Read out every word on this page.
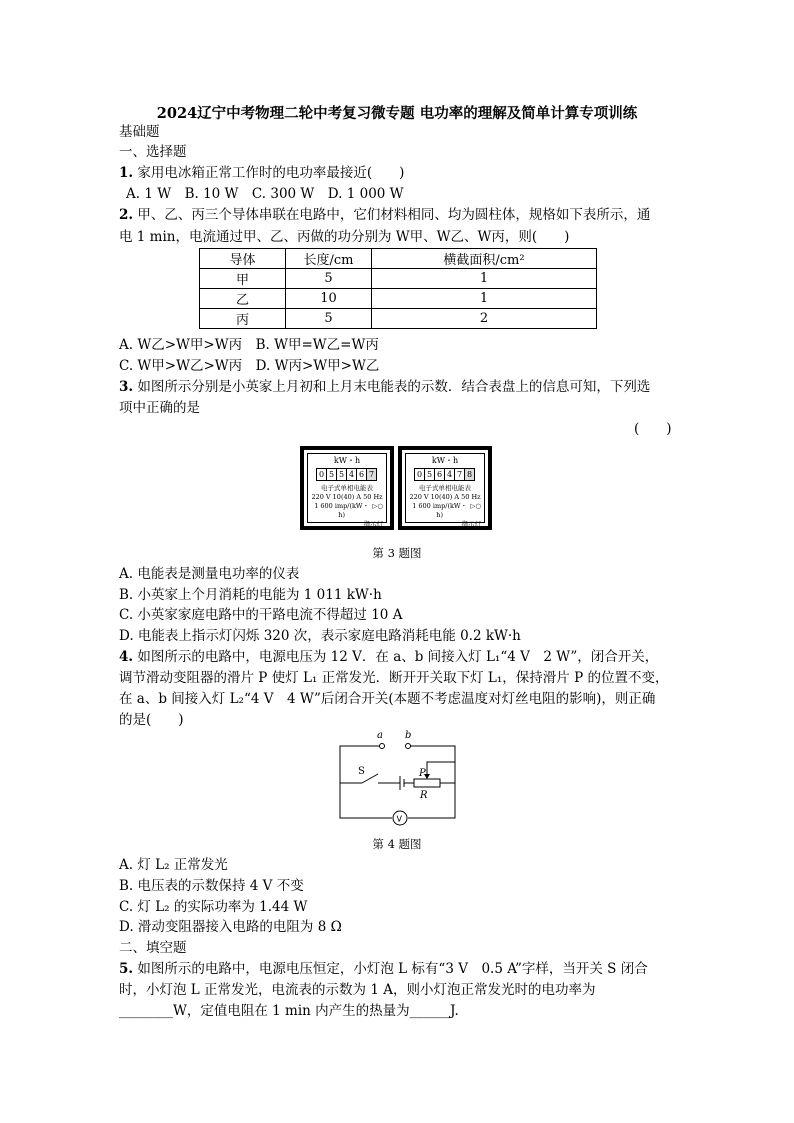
2024辽宁中考物理二轮中考复习微专题 电功率的理解及简单计算专项训练
基础题
一、选择题
1. 家用电冰箱正常工作时的电功率最接近(　　)
A. 1 W　B. 10 W　C. 300 W　D. 1 000 W
2. 甲、乙、丙三个导体串联在电路中，它们材料相同、均为圆柱体，规格如下表所示，通
电 1 min，电流通过甲、乙、丙做的功分别为 W甲、W乙、W丙，则(　　)
导体	长度/cm	横截面积/cm²
甲	5	1
乙	10	1
丙	5	2
A. W乙>W甲>W丙　B. W甲=W乙=W丙
C. W甲>W乙>W丙　D. W丙>W甲>W乙
3. 如图所示分别是小英家上月初和上月末电能表的示数．结合表盘上的信息可知，下列选
项中正确的是
(　　)
kW・h
0 5 5 4 6 7
电子式单相电能表
220 V 10(40) A 50 Hz
1 600 imp/(kW・h)
▷○
指示灯
kW・h
0 5 6 4 7 8
电子式单相电能表
220 V 10(40) A 50 Hz
1 600 imp/(kW・h)
▷○
指示灯
第 3 题图
A. 电能表是测量电功率的仪表
B. 小英家上个月消耗的电能为 1 011 kW·h
C. 小英家家庭电路中的干路电流不得超过 10 A
D. 电能表上指示灯闪烁 320 次，表示家庭电路消耗电能 0.2 kW·h
4. 如图所示的电路中，电源电压为 12 V．在 a、b 间接入灯 L₁“4 V　2 W”，闭合开关，
调节滑动变阻器的滑片 P 使灯 L₁ 正常发光．断开开关取下灯 L₁，保持滑片 P 的位置不变，
在 a、b 间接入灯 L₂“4 V　4 W”后闭合开关(本题不考虑温度对灯丝电阻的影响)，则正确
的是(　　)
a b
P
R
S
V
第 4 题图
A. 灯 L₂ 正常发光
B. 电压表的示数保持 4 V 不变
C. 灯 L₂ 的实际功率为 1.44 W
D. 滑动变阻器接入电路的电阻为 8 Ω
二、填空题
5. 如图所示的电路中，电源电压恒定，小灯泡 L 标有“3 V　0.5 A”字样，当开关 S 闭合
时，小灯泡 L 正常发光，电流表的示数为 1 A，则小灯泡正常发光时的电功率为
________W，定值电阻在 1 min 内产生的热量为______J.
